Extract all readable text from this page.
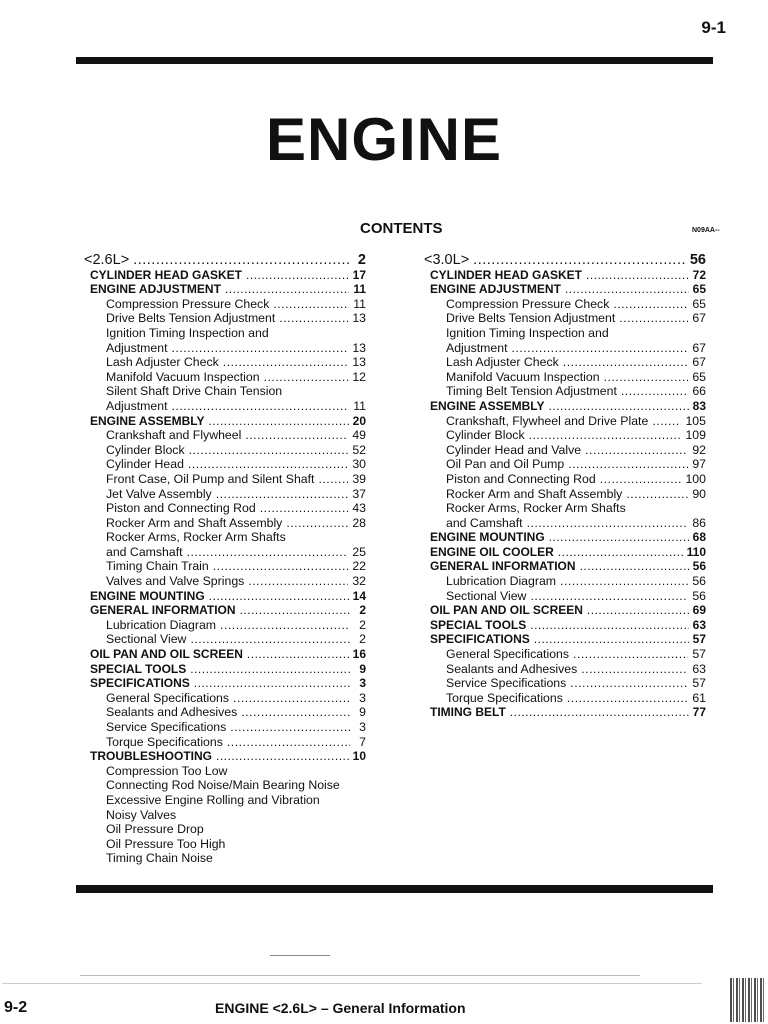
9-1
ENGINE
CONTENTS	N09AA--
<2.6L> .....	2
CYLINDER HEAD GASKET .....	17
ENGINE ADJUSTMENT .....	11
Compression Pressure Check .....	11
Drive Belts Tension Adjustment .....	13
Ignition Timing Inspection and
Adjustment .....	13
Lash Adjuster Check .....	13
Manifold Vacuum Inspection .....	12
Silent Shaft Drive Chain Tension
Adjustment .....	11
ENGINE ASSEMBLY .....	20
Crankshaft and Flywheel .....	49
Cylinder Block .....	52
Cylinder Head .....	30
Front Case, Oil Pump and Silent Shaft .....	39
Jet Valve Assembly .....	37
Piston and Connecting Rod .....	43
Rocker Arm and Shaft Assembly .....	28
Rocker Arms, Rocker Arm Shafts
and Camshaft .....	25
Timing Chain Train .....	22
Valves and Valve Springs .....	32
ENGINE MOUNTING .....	14
GENERAL INFORMATION .....	2
Lubrication Diagram .....	2
Sectional View .....	2
OIL PAN AND OIL SCREEN .....	16
SPECIAL TOOLS .....	9
SPECIFICATIONS .....	3
General Specifications .....	3
Sealants and Adhesives .....	9
Service Specifications .....	3
Torque Specifications .....	7
TROUBLESHOOTING .....	10
Compression Too Low
Connecting Rod Noise/Main Bearing Noise
Excessive Engine Rolling and Vibration
Noisy Valves
Oil Pressure Drop
Oil Pressure Too High
Timing Chain Noise
<3.0L> .....	56
CYLINDER HEAD GASKET .....	72
ENGINE ADJUSTMENT .....	65
Compression Pressure Check .....	65
Drive Belts Tension Adjustment .....	67
Ignition Timing Inspection and
Adjustment .....	67
Lash Adjuster Check .....	67
Manifold Vacuum Inspection .....	65
Timing Belt Tension Adjustment .....	66
ENGINE ASSEMBLY .....	83
Crankshaft, Flywheel and Drive Plate .....	105
Cylinder Block .....	109
Cylinder Head and Valve .....	92
Oil Pan and Oil Pump .....	97
Piston and Connecting Rod .....	100
Rocker Arm and Shaft Assembly .....	90
Rocker Arms, Rocker Arm Shafts
and Camshaft .....	86
ENGINE MOUNTING .....	68
ENGINE OIL COOLER .....	110
GENERAL INFORMATION .....	56
Lubrication Diagram .....	56
Sectional View .....	56
OIL PAN AND OIL SCREEN .....	69
SPECIAL TOOLS .....	63
SPECIFICATIONS .....	57
General Specifications .....	57
Sealants and Adhesives .....	63
Service Specifications .....	57
Torque Specifications .....	61
TIMING BELT .....	77
9-2	ENGINE <2.6L> – General Information
